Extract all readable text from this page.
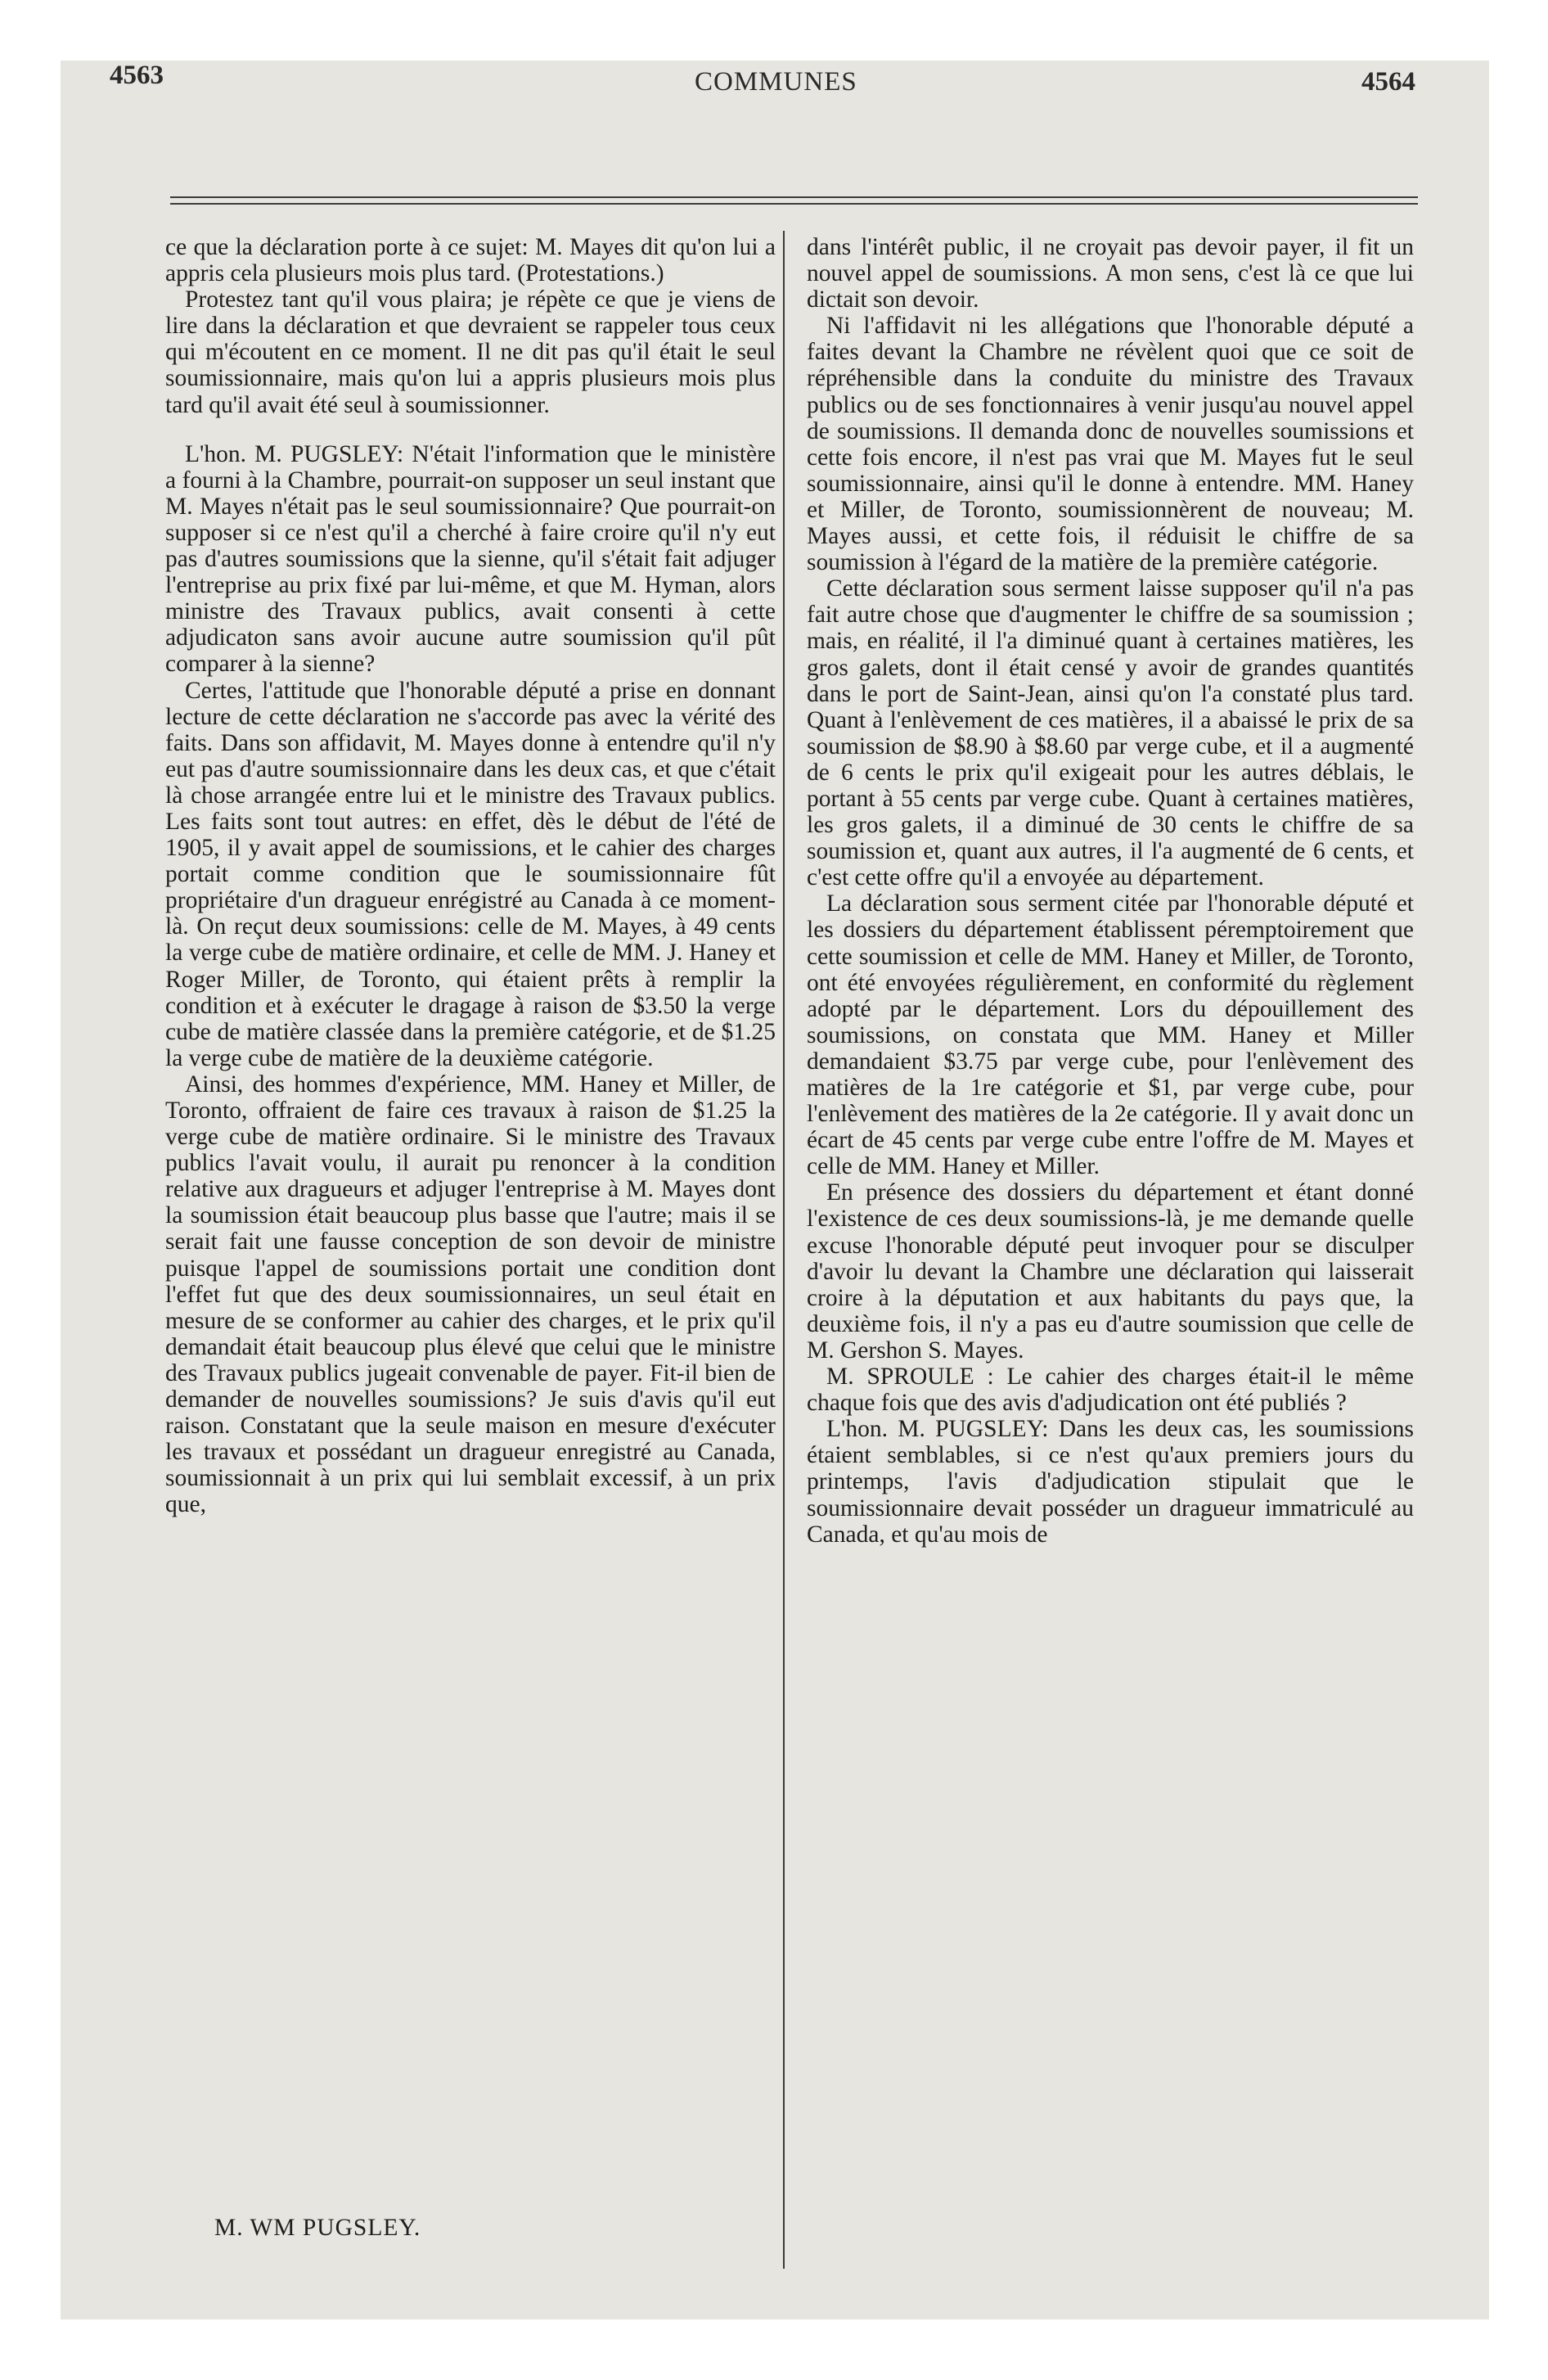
4563	COMMUNES	4564

ce que la déclaration porte à ce sujet: M. Mayes dit qu'on lui a appris cela plusieurs mois plus tard. (Protestations.)

Protestez tant qu'il vous plaira; je répète ce que je viens de lire dans la déclaration et que devraient se rappeler tous ceux qui m'écoutent en ce moment. Il ne dit pas qu'il était le seul soumissionnaire, mais qu'on lui a appris plusieurs mois plus tard qu'il avait été seul à soumissionner.

L'hon. M. PUGSLEY: N'était l'information que le ministère a fourni à la Chambre, pourrait-on supposer un seul instant que M. Mayes n'était pas le seul soumissionnaire? Que pourrait-on supposer si ce n'est qu'il a cherché à faire croire qu'il n'y eut pas d'autres soumissions que la sienne, qu'il s'était fait adjuger l'entreprise au prix fixé par lui-même, et que M. Hyman, alors ministre des Travaux publics, avait consenti à cette adjudicaton sans avoir aucune autre soumission qu'il pût comparer à la sienne?

Certes, l'attitude que l'honorable député a prise en donnant lecture de cette déclaration ne s'accorde pas avec la vérité des faits. Dans son affidavit, M. Mayes donne à entendre qu'il n'y eut pas d'autre soumissionnaire dans les deux cas, et que c'était là chose arrangée entre lui et le ministre des Travaux publics. Les faits sont tout autres: en effet, dès le début de l'été de 1905, il y avait appel de soumissions, et le cahier des charges portait comme condition que le soumissionnaire fût propriétaire d'un dragueur enrégistré au Canada à ce moment-là. On reçut deux soumissions: celle de M. Mayes, à 49 cents la verge cube de matière ordinaire, et celle de MM. J. Haney et Roger Miller, de Toronto, qui étaient prêts à remplir la condition et à exécuter le dragage à raison de $3.50 la verge cube de matière classée dans la première catégorie, et de $1.25 la verge cube de matière de la deuxième catégorie.

Ainsi, des hommes d'expérience, MM. Haney et Miller, de Toronto, offraient de faire ces travaux à raison de $1.25 la verge cube de matière ordinaire. Si le ministre des Travaux publics l'avait voulu, il aurait pu renoncer à la condition relative aux dragueurs et adjuger l'entreprise à M. Mayes dont la soumission était beaucoup plus basse que l'autre; mais il se serait fait une fausse conception de son devoir de ministre puisque l'appel de soumissions portait une condition dont l'effet fut que des deux soumissionnaires, un seul était en mesure de se conformer au cahier des charges, et le prix qu'il demandait était beaucoup plus élevé que celui que le ministre des Travaux publics jugeait convenable de payer. Fit-il bien de demander de nouvelles soumissions? Je suis d'avis qu'il eut raison. Constatant que la seule maison en mesure d'exécuter les travaux et possédant un dragueur enregistré au Canada, soumissionnait à un prix qui lui semblait excessif, à un prix que,

dans l'intérêt public, il ne croyait pas devoir payer, il fit un nouvel appel de soumissions. A mon sens, c'est là ce que lui dictait son devoir.

Ni l'affidavit ni les allégations que l'honorable député a faites devant la Chambre ne révèlent quoi que ce soit de répréhensible dans la conduite du ministre des Travaux publics ou de ses fonctionnaires à venir jusqu'au nouvel appel de soumissions. Il demanda donc de nouvelles soumissions et cette fois encore, il n'est pas vrai que M. Mayes fut le seul soumissionnaire, ainsi qu'il le donne à entendre. MM. Haney et Miller, de Toronto, soumissionnèrent de nouveau; M. Mayes aussi, et cette fois, il réduisit le chiffre de sa soumission à l'égard de la matière de la première catégorie.

Cette déclaration sous serment laisse supposer qu'il n'a pas fait autre chose que d'augmenter le chiffre de sa soumission ; mais, en réalité, il l'a diminué quant à certaines matières, les gros galets, dont il était censé y avoir de grandes quantités dans le port de Saint-Jean, ainsi qu'on l'a constaté plus tard. Quant à l'enlèvement de ces matières, il a abaissé le prix de sa soumission de $8.90 à $8.60 par verge cube, et il a augmenté de 6 cents le prix qu'il exigeait pour les autres déblais, le portant à 55 cents par verge cube. Quant à certaines matières, les gros galets, il a diminué de 30 cents le chiffre de sa soumission et, quant aux autres, il l'a augmenté de 6 cents, et c'est cette offre qu'il a envoyée au département.

La déclaration sous serment citée par l'honorable député et les dossiers du département établissent péremptoirement que cette soumission et celle de MM. Haney et Miller, de Toronto, ont été envoyées régulièrement, en conformité du règlement adopté par le département. Lors du dépouillement des soumissions, on constata que MM. Haney et Miller demandaient $3.75 par verge cube, pour l'enlèvement des matières de la 1re catégorie et $1, par verge cube, pour l'enlèvement des matières de la 2e catégorie. Il y avait donc un écart de 45 cents par verge cube entre l'offre de M. Mayes et celle de MM. Haney et Miller.

En présence des dossiers du département et étant donné l'existence de ces deux soumissions-là, je me demande quelle excuse l'honorable député peut invoquer pour se disculper d'avoir lu devant la Chambre une déclaration qui laisserait croire à la députation et aux habitants du pays que, la deuxième fois, il n'y a pas eu d'autre soumission que celle de M. Gershon S. Mayes.

M. SPROULE : Le cahier des charges était-il le même chaque fois que des avis d'adjudication ont été publiés ?

L'hon. M. PUGSLEY: Dans les deux cas, les soumissions étaient semblables, si ce n'est qu'aux premiers jours du printemps, l'avis d'adjudication stipulait que le soumissionnaire devait posséder un dragueur immatriculé au Canada, et qu'au mois de

M. WM PUGSLEY.
